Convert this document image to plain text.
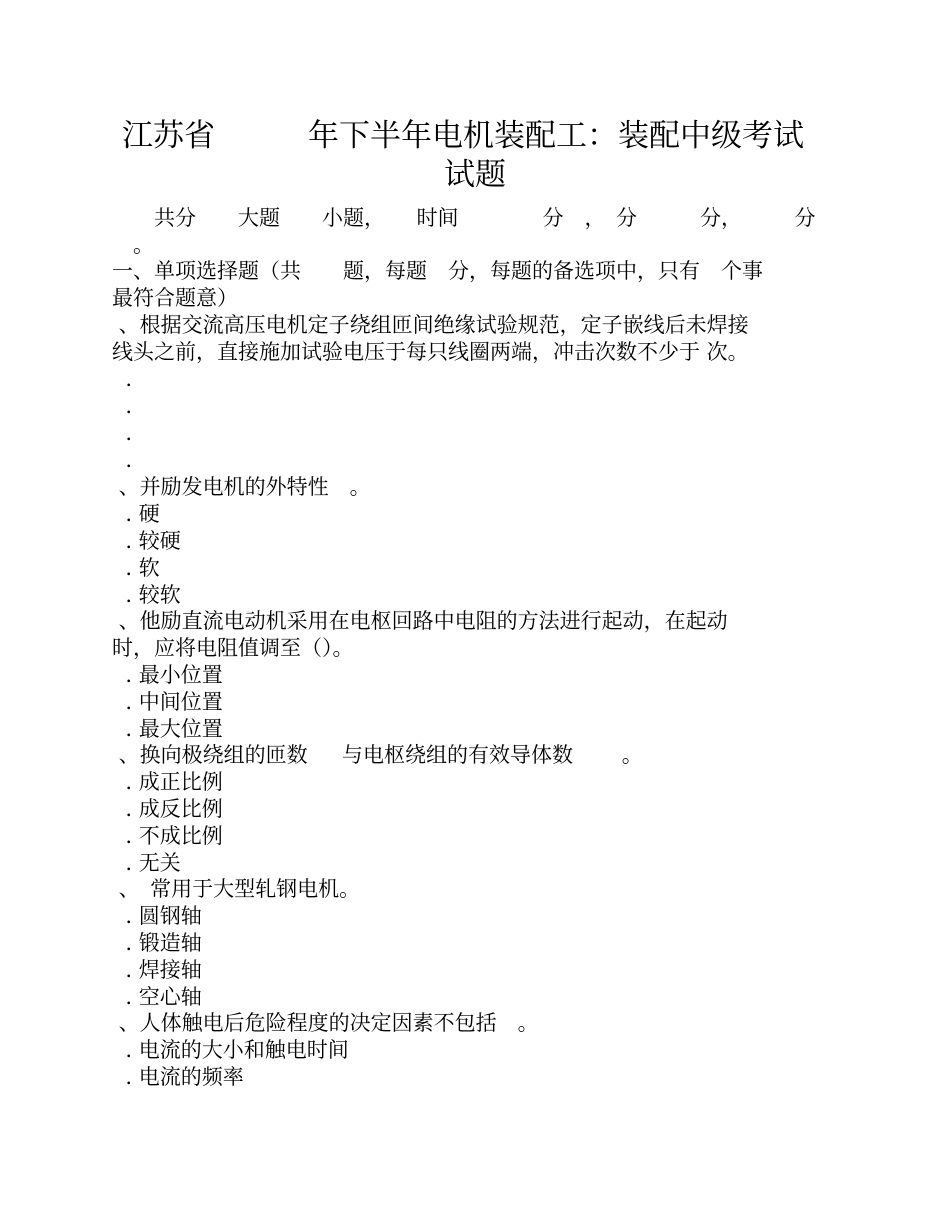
江苏省　　　年下半年电机装配工：装配中级考试
试题
　　共分　　大题　　小题，　　时间　　　　分　，　分　　　分，　　　分
　。
一、单项选择题（共　　题，每题　分，每题的备选项中，只有　个事
最符合题意）
、根据交流高压电机定子绕组匝间绝缘试验规范，定子嵌线后未焊接
线头之前，直接施加试验电压于每只线圈两端，冲击次数不少于 次。
.
.
.
.
、并励发电机的外特性　。
. 硬
. 较硬
. 软
. 较软
、他励直流电动机采用在电枢回路中电阻的方法进行起动，在起动
时，应将电阻值调至（）。
. 最小位置
. 中间位置
. 最大位置
、换向极绕组的匝数　  与电枢绕组的有效导体数　　 。
. 成正比例
. 成反比例
. 不成比例
. 无关
、　常用于大型轧钢电机。
. 圆钢轴
. 锻造轴
. 焊接轴
. 空心轴
、人体触电后危险程度的决定因素不包括　。
. 电流的大小和触电时间
. 电流的频率
